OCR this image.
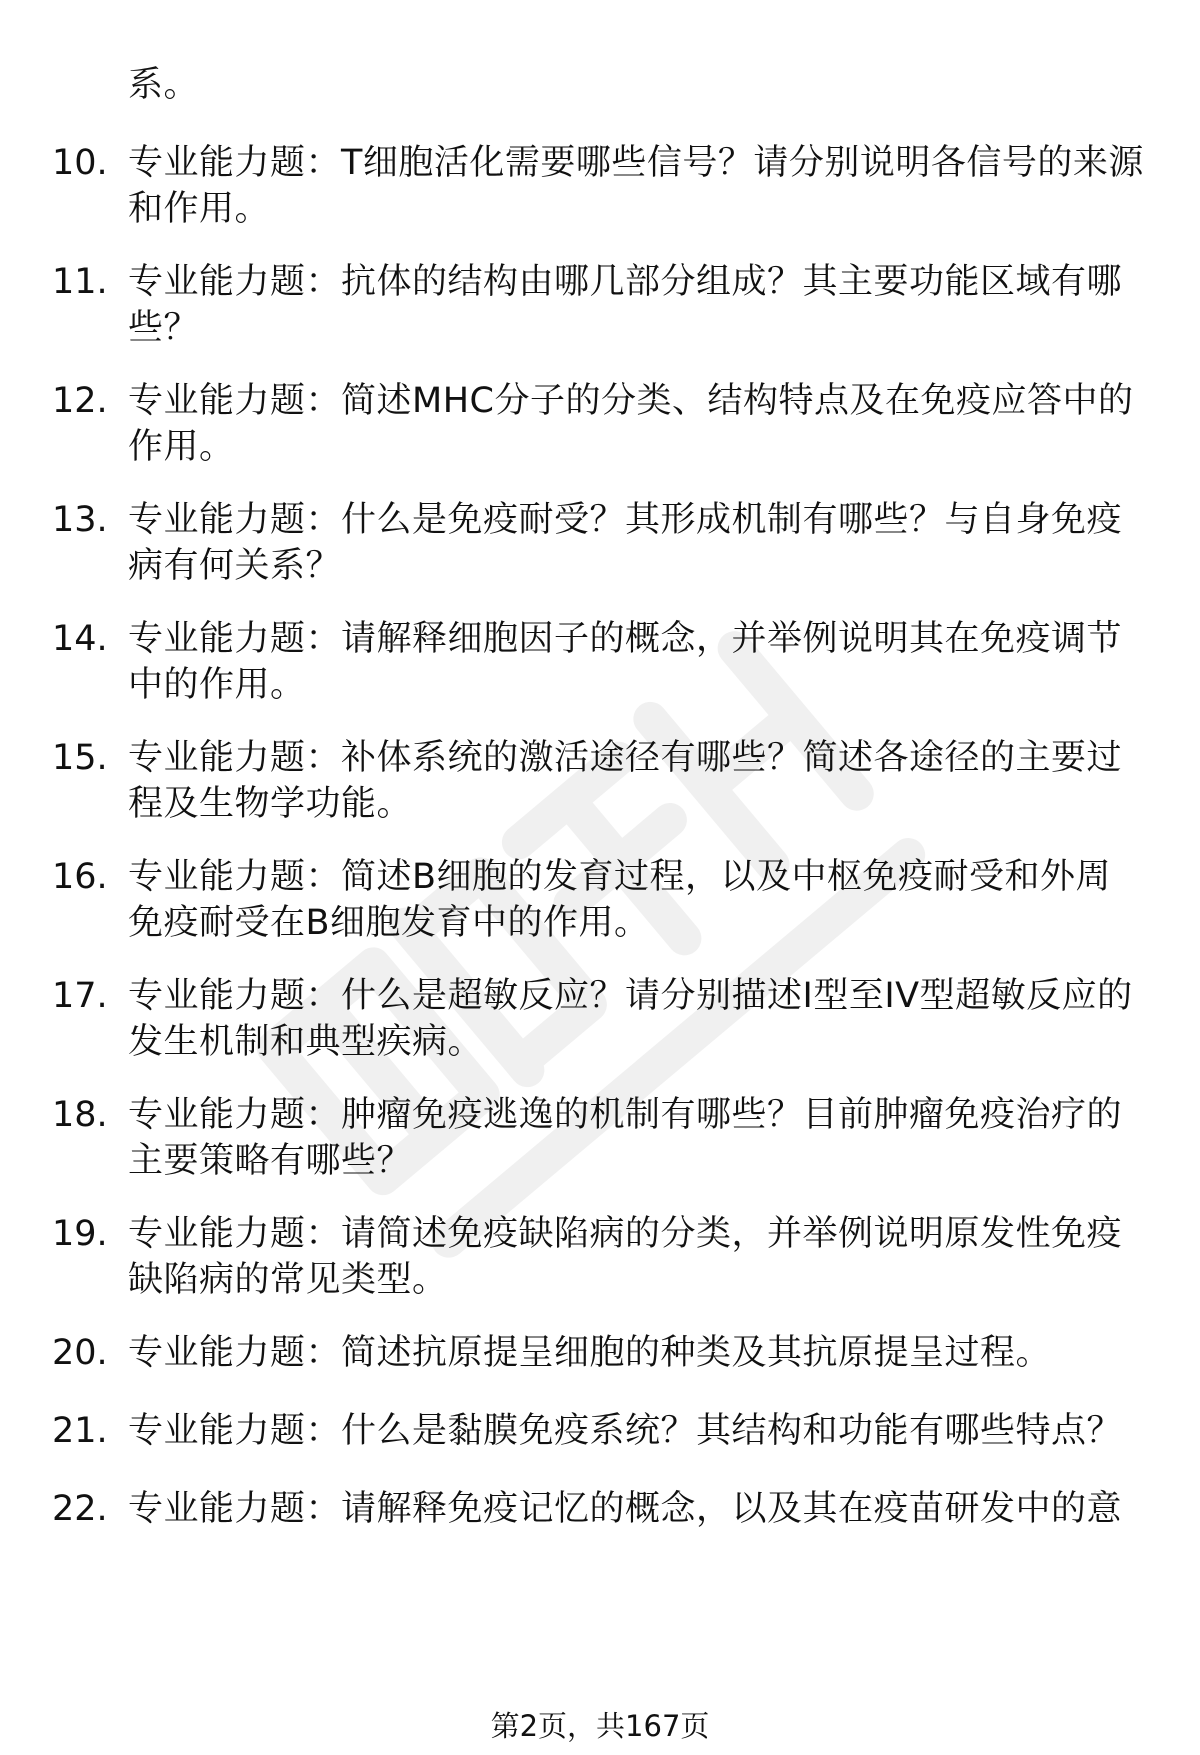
系。
10. 专业能力题：T细胞活化需要哪些信号？请分别说明各信号的来源
和作用。
11. 专业能力题：抗体的结构由哪几部分组成？其主要功能区域有哪
些？
12. 专业能力题：简述MHC分子的分类、结构特点及在免疫应答中的
作用。
13. 专业能力题：什么是免疫耐受？其形成机制有哪些？与自身免疫
病有何关系？
14. 专业能力题：请解释细胞因子的概念，并举例说明其在免疫调节
中的作用。
15. 专业能力题：补体系统的激活途径有哪些？简述各途径的主要过
程及生物学功能。
16. 专业能力题：简述B细胞的发育过程，以及中枢免疫耐受和外周
免疫耐受在B细胞发育中的作用。
17. 专业能力题：什么是超敏反应？请分别描述I型至IV型超敏反应的
发生机制和典型疾病。
18. 专业能力题：肿瘤免疫逃逸的机制有哪些？目前肿瘤免疫治疗的
主要策略有哪些？
19. 专业能力题：请简述免疫缺陷病的分类，并举例说明原发性免疫
缺陷病的常见类型。
20. 专业能力题：简述抗原提呈细胞的种类及其抗原提呈过程。
21. 专业能力题：什么是黏膜免疫系统？其结构和功能有哪些特点？
22. 专业能力题：请解释免疫记忆的概念，以及其在疫苗研发中的意
第2页，共167页
